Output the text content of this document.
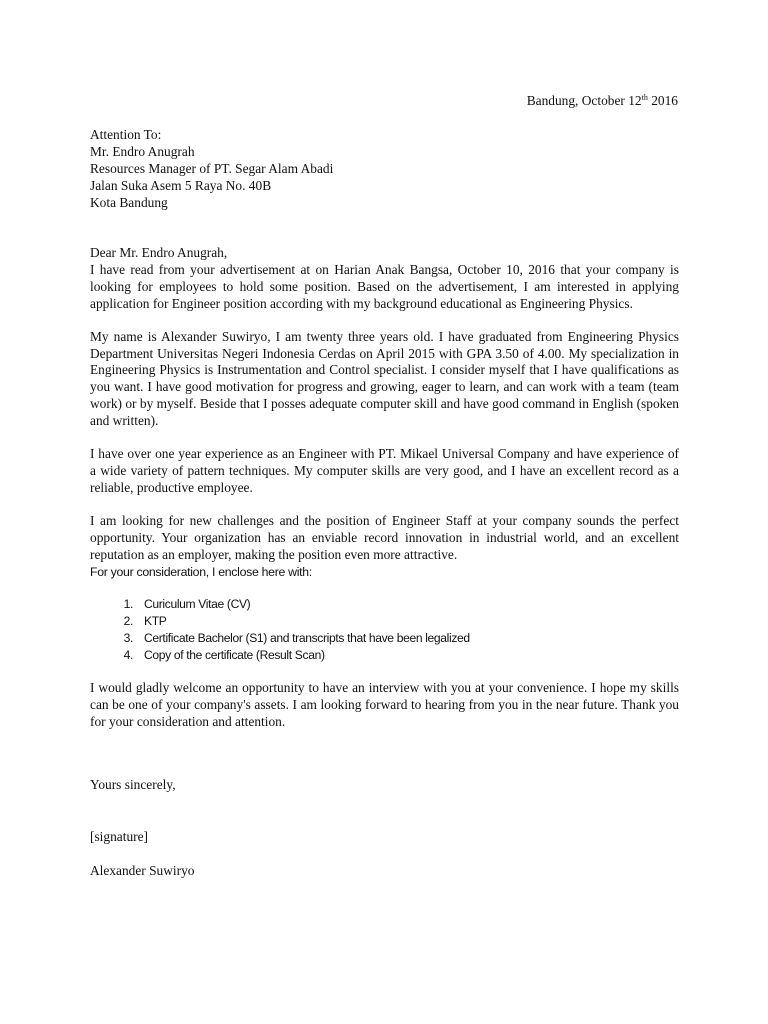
Bandung, October 12th 2016
Attention To:
Mr. Endro Anugrah
Resources Manager of PT. Segar Alam Abadi
Jalan Suka Asem 5 Raya No. 40B
Kota Bandung

Dear Mr. Endro Anugrah,

I have read from your advertisement at on Harian Anak Bangsa, October 10, 2016 that your company is looking for employees to hold some position. Based on the advertisement, I am interested in applying application for Engineer position according with my background educational as Engineering Physics.

My name is Alexander Suwiryo, I am twenty three years old. I have graduated from Engineering Physics Department Universitas Negeri Indonesia Cerdas on April 2015 with GPA 3.50 of 4.00. My specialization in Engineering Physics is Instrumentation and Control specialist. I consider myself that I have qualifications as you want. I have good motivation for progress and growing, eager to learn, and can work with a team (team work) or by myself. Beside that I posses adequate computer skill and have good command in English (spoken and written).

I have over one year experience as an Engineer with PT. Mikael Universal Company and have experience of a wide variety of pattern techniques. My computer skills are very good, and I have an excellent record as a reliable, productive employee.

I am looking for new challenges and the position of Engineer Staff at your company sounds the perfect opportunity. Your organization has an enviable record innovation in industrial world, and an excellent reputation as an employer, making the position even more attractive.

For your consideration, I enclose here with:

1. Curiculum Vitae (CV)
2. KTP
3. Certificate Bachelor (S1) and transcripts that have been legalized
4. Copy of the certificate (Result Scan)

I would gladly welcome an opportunity to have an interview with you at your convenience. I hope my skills can be one of your company's assets. I am looking forward to hearing from you in the near future. Thank you for your consideration and attention.

Yours sincerely,
[signature]
Alexander Suwiryo
